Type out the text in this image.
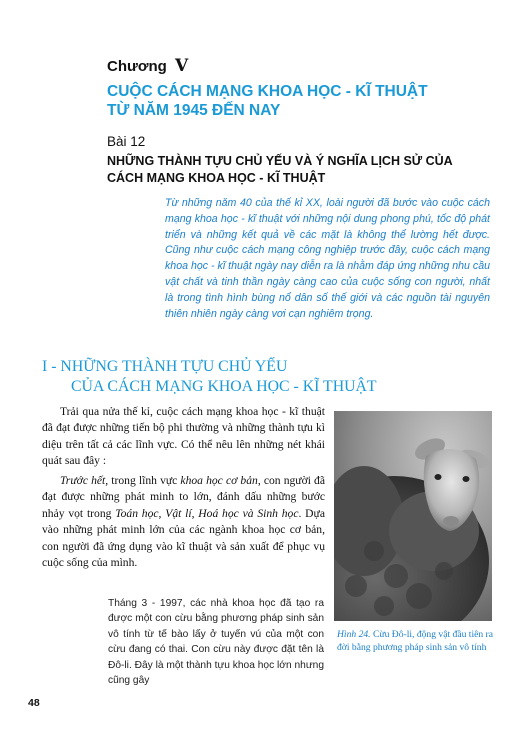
Chương V
CUỘC CÁCH MẠNG KHOA HỌC - KĨ THUẬT
TỪ NĂM 1945 ĐẾN NAY
Bài 12
NHỮNG THÀNH TỰU CHỦ YẾU VÀ Ý NGHĨA LỊCH SỬ CỦA
CÁCH MẠNG KHOA HỌC - KĨ THUẬT
Từ những năm 40 của thế kỉ XX, loài người đã bước vào cuộc cách mạng khoa học - kĩ thuật với những nội dung phong phú, tốc độ phát triển và những kết quả về các mặt là không thể lường hết được. Cũng như cuộc cách mạng công nghiệp trước đây, cuộc cách mạng khoa học - kĩ thuật ngày nay diễn ra là nhằm đáp ứng những nhu cầu vật chất và tinh thần ngày càng cao của cuộc sống con người, nhất là trong tình hình bùng nổ dân số thế giới và các nguồn tài nguyên thiên nhiên ngày càng vơi cạn nghiêm trọng.
I - NHỮNG THÀNH TỰU CHỦ YẾU
CỦA CÁCH MẠNG KHOA HỌC - KĨ THUẬT
Trải qua nửa thế kỉ, cuộc cách mạng khoa học - kĩ thuật đã đạt được những tiến bộ phi thường và những thành tựu kì diệu trên tất cả các lĩnh vực. Có thể nêu lên những nét khái quát sau đây :
Trước hết, trong lĩnh vực khoa học cơ bản, con người đã đạt được những phát minh to lớn, đánh dấu những bước nhảy vọt trong Toán học, Vật lí, Hoá học và Sinh học. Dựa vào những phát minh lớn của các ngành khoa học cơ bản, con người đã ứng dụng vào kĩ thuật và sản xuất để phục vụ cuộc sống của mình.
Tháng 3 - 1997, các nhà khoa học đã tạo ra được một con cừu bằng phương pháp sinh sản vô tính từ tế bào lấy ở tuyến vú của một con cừu đang có thai. Con cừu này được đặt tên là Đô-li. Đây là một thành tựu khoa học lớn nhưng cũng gây
Hình 24. Cừu Đô-li, động vật đầu tiên ra đời bằng phương pháp sinh sản vô tính
48
